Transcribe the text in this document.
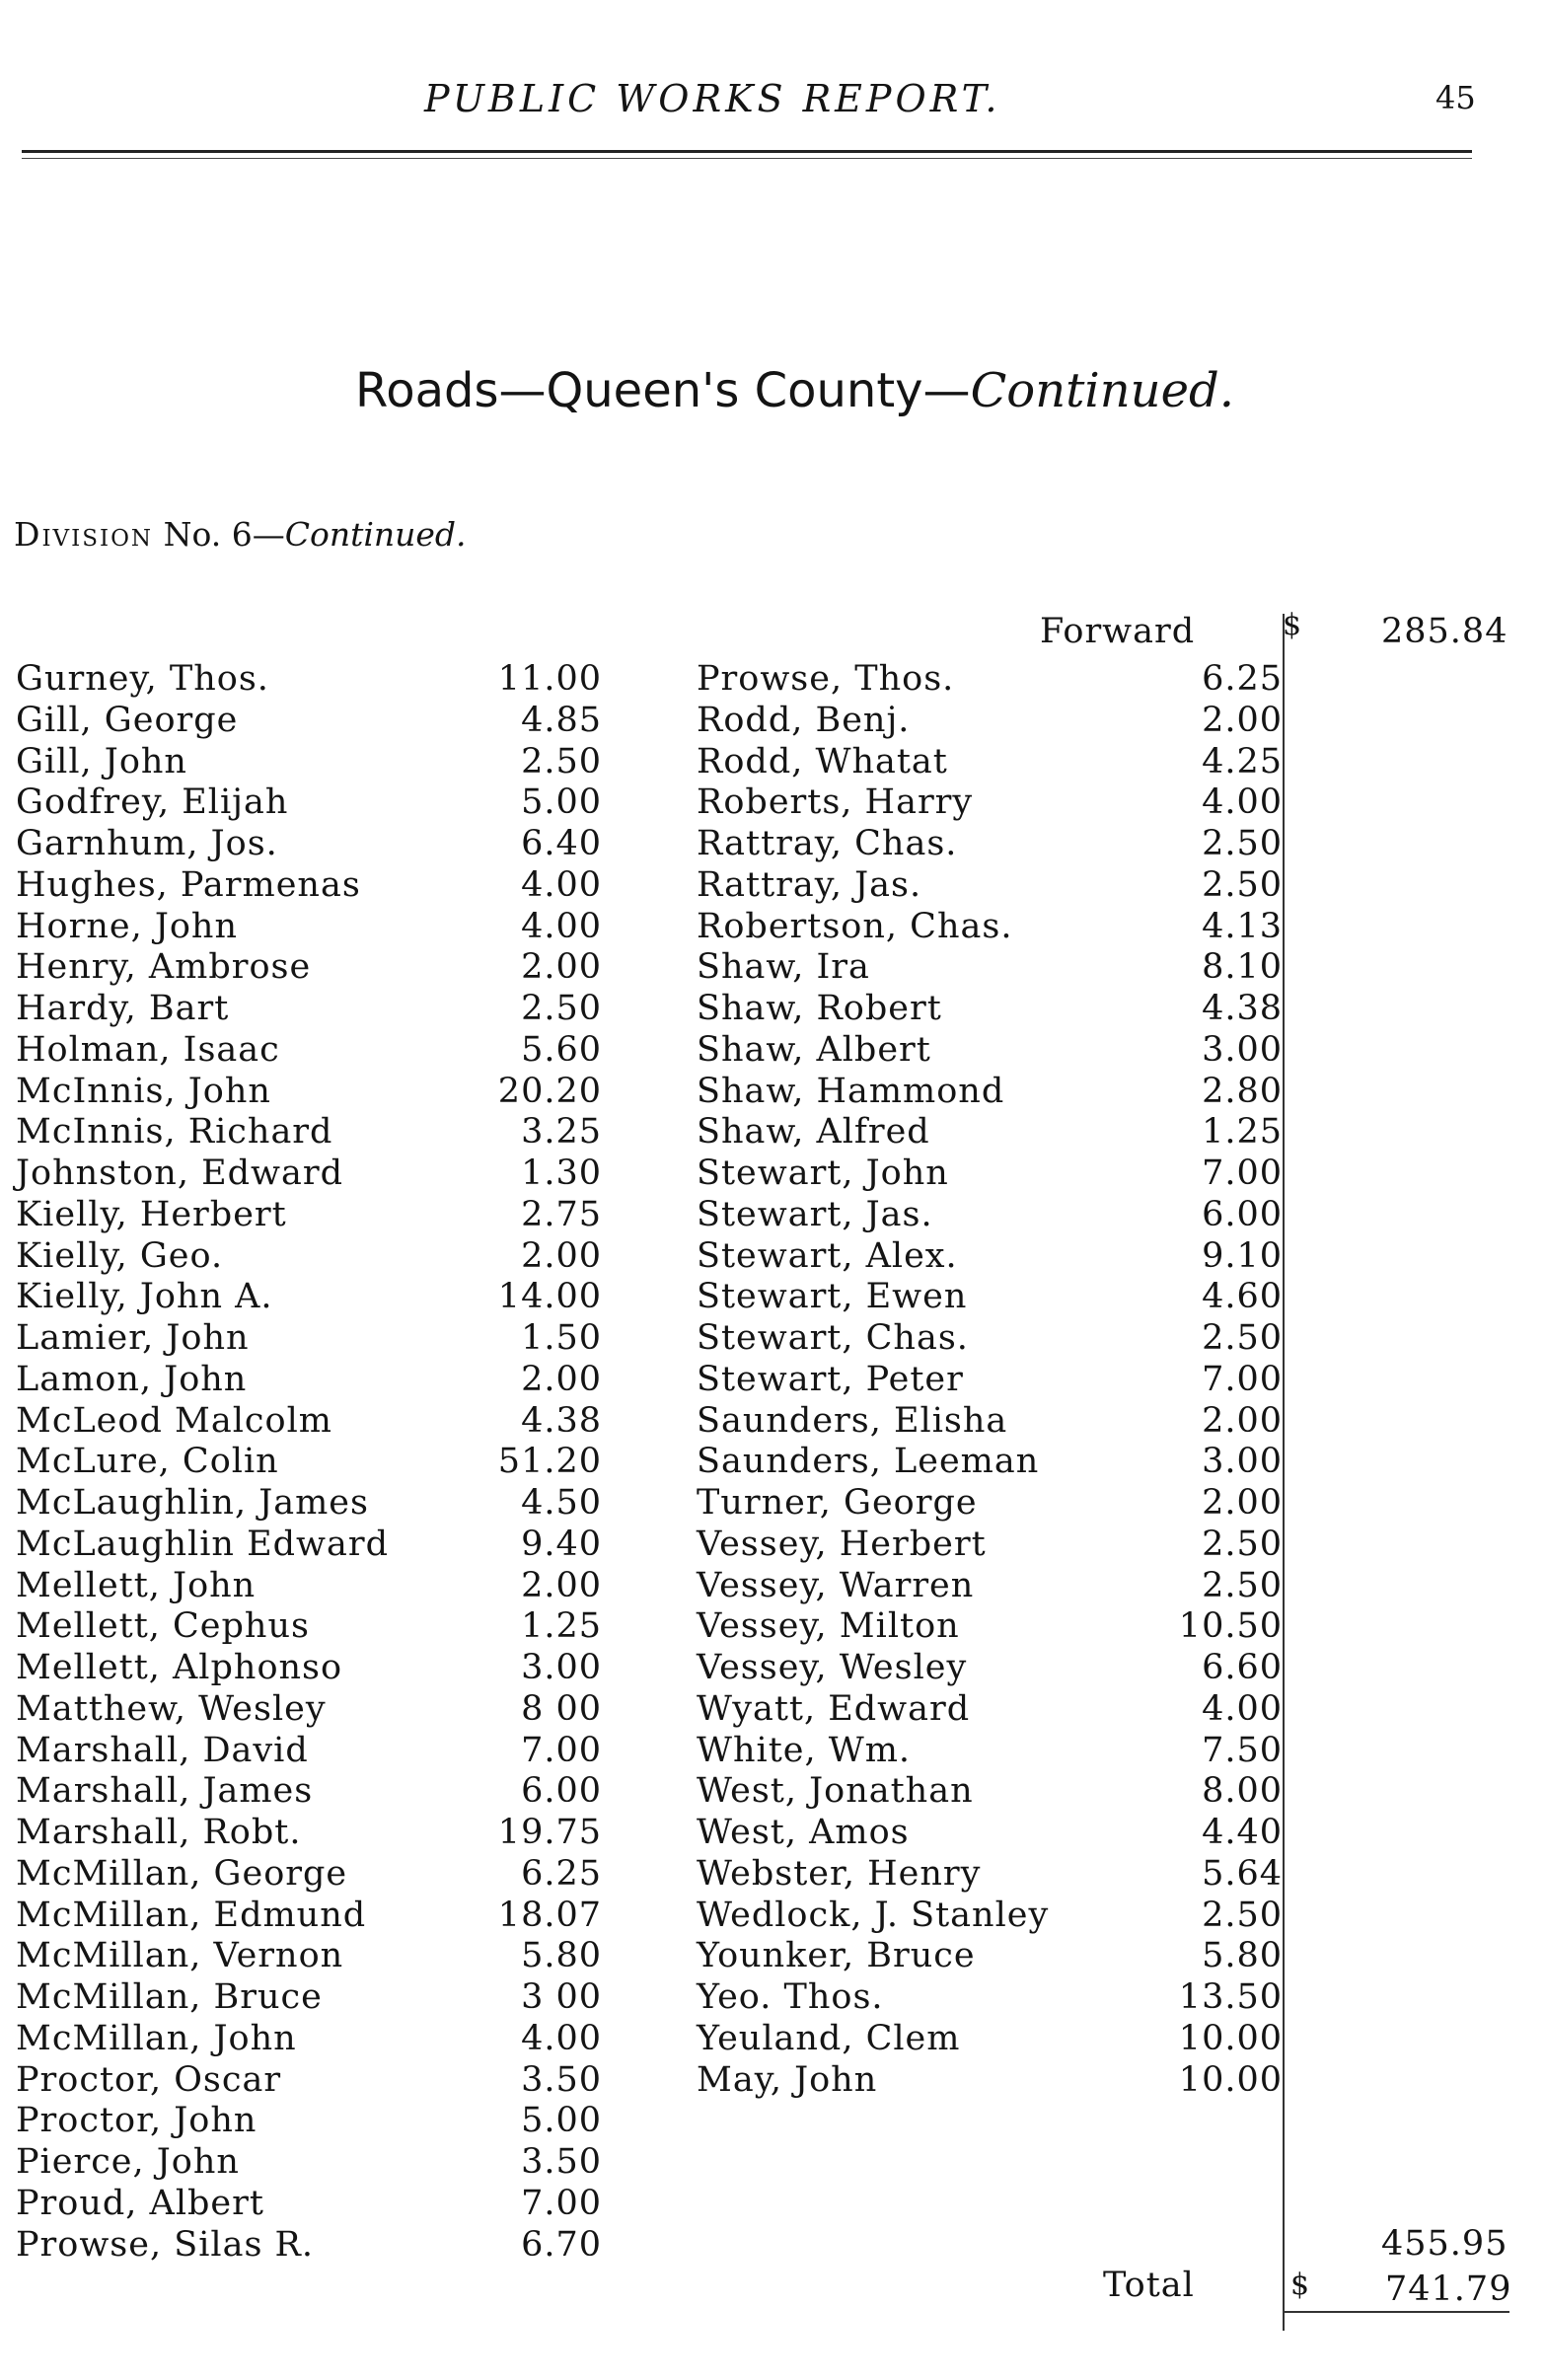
PUBLIC WORKS REPORT.	45
Roads—Queen's County—Continued.
Division No. 6—Continued.
Forward	$ 285.84
Gurney, Thos.	11.00
Gill, George	4.85
Gill, John	2.50
Godfrey, Elijah	5.00
Garnhum, Jos.	6.40
Hughes, Parmenas	4.00
Horne, John	4.00
Henry, Ambrose	2.00
Hardy, Bart	2.50
Holman, Isaac	5.60
McInnis, John	20.20
McInnis, Richard	3.25
Johnston, Edward	1.30
Kielly, Herbert	2.75
Kielly, Geo.	2.00
Kielly, John A.	14.00
Lamier, John	1.50
Lamon, John	2.00
McLeod Malcolm	4.38
McLure, Colin	51.20
McLaughlin, James	4.50
McLaughlin Edward	9.40
Mellett, John	2.00
Mellett, Cephus	1.25
Mellett, Alphonso	3.00
Matthew, Wesley	8 00
Marshall, David	7.00
Marshall, James	6.00
Marshall, Robt.	19.75
McMillan, George	6.25
McMillan, Edmund	18.07
McMillan, Vernon	5.80
McMillan, Bruce	3 00
McMillan, John	4.00
Proctor, Oscar	3.50
Proctor, John	5.00
Pierce, John	3.50
Proud, Albert	7.00
Prowse, Silas R.	6.70
Prowse, Thos.	6.25
Rodd, Benj.	2.00
Rodd, Whatat	4.25
Roberts, Harry	4.00
Rattray, Chas.	2.50
Rattray, Jas.	2.50
Robertson, Chas.	4.13
Shaw, Ira	8.10
Shaw, Robert	4.38
Shaw, Albert	3.00
Shaw, Hammond	2.80
Shaw, Alfred	1.25
Stewart, John	7.00
Stewart, Jas.	6.00
Stewart, Alex.	9.10
Stewart, Ewen	4.60
Stewart, Chas.	2.50
Stewart, Peter	7.00
Saunders, Elisha	2.00
Saunders, Leeman	3.00
Turner, George	2.00
Vessey, Herbert	2.50
Vessey, Warren	2.50
Vessey, Milton	10.50
Vessey, Wesley	6.60
Wyatt, Edward	4.00
White, Wm.	7.50
West, Jonathan	8.00
West, Amos	4.40
Webster, Henry	5.64
Wedlock, J. Stanley	2.50
Younker, Bruce	5.80
Yeo. Thos.	13.50
Yeuland, Clem	10.00
May, John	10.00
455.95
Total	$ 741.79
